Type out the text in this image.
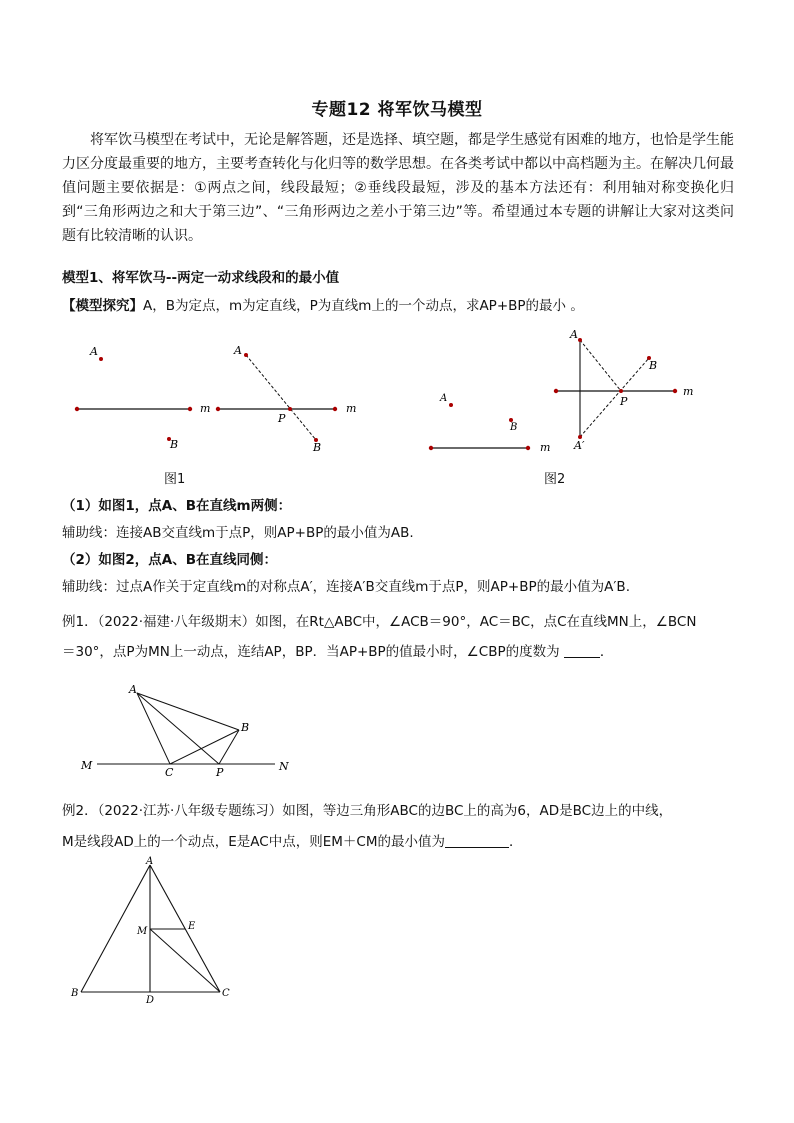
专题12 将军饮马模型

将军饮马模型在考试中，无论是解答题，还是选择、填空题，都是学生感觉有困难的地方，也恰是学生能力区分度最重要的地方，主要考查转化与化归等的数学思想。在各类考试中都以中高档题为主。在解决几何最值问题主要依据是：①两点之间，线段最短；②垂线段最短，涉及的基本方法还有：利用轴对称变换化归到“三角形两边之和大于第三边”、“三角形两边之差小于第三边”等。希望通过本专题的讲解让大家对这类问题有比较清晰的认识。

模型1、将军饮马--两定一动求线段和的最小值
【模型探究】A，B为定点，m为定直线，P为直线m上的一个动点，求AP+BP的最小 。
A
B
m
A
B
P
m
A
B
m
A
B
P
m
A′
图1	图2
（1）如图1，点A、B在直线m两侧：
辅助线：连接AB交直线m于点P，则AP+BP的最小值为AB.
（2）如图2，点A、B在直线同侧：
辅助线：过点A作关于定直线m的对称点A′，连接A′B交直线m于点P，则AP+BP的最小值为A′B.
例1．（2022·福建·八年级期末）如图，在Rt△ABC中，∠ACB＝90°，AC＝BC，点C在直线MN上，∠BCN
＝30°，点P为MN上一动点，连结AP，BP．当AP+BP的值最小时，∠CBP的度数为	．
A
B
C	P
M	N
例2．（2022·江苏·八年级专题练习）如图，等边三角形ABC的边BC上的高为6，AD是BC边上的中线，
M是线段AD上的一个动点，E是AC中点，则EM＋CM的最小值为	．
A
B	C
D
E
M
